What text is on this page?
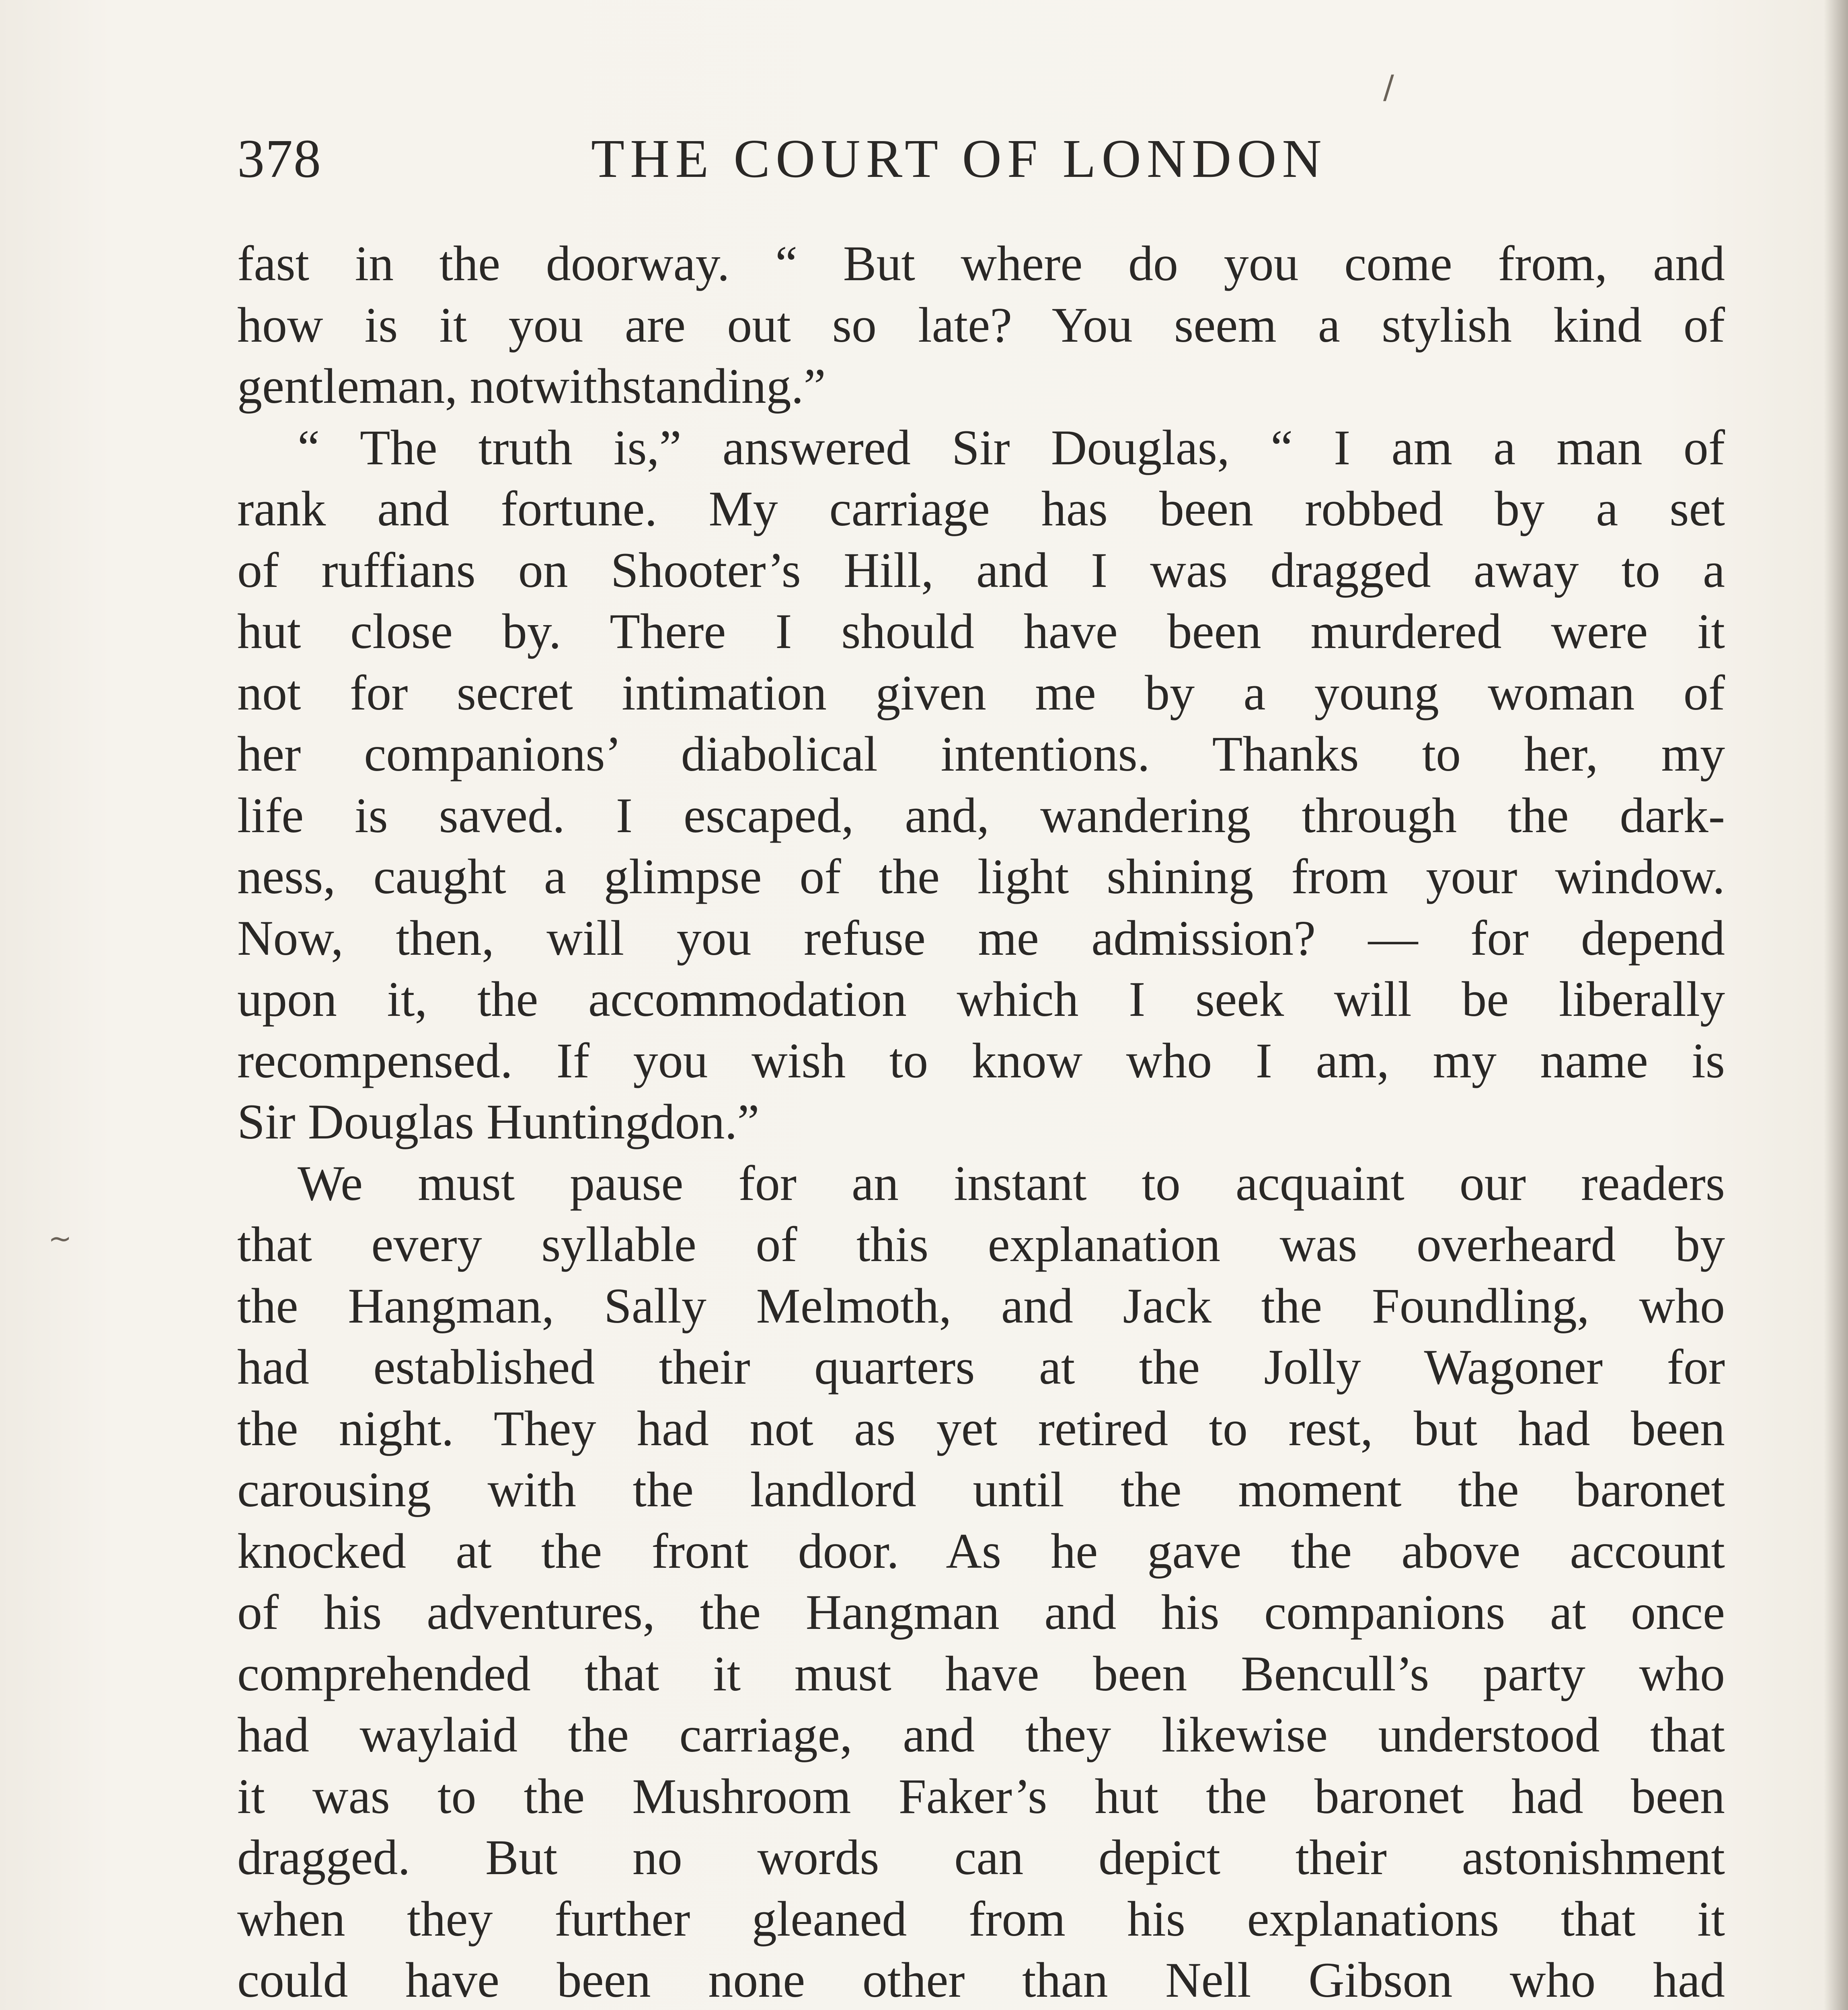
/
~
378	THE COURT OF LONDON
fast in the doorway. “ But where do you come from, and
how is it you are out so late? You seem a stylish kind of
gentleman, notwithstanding.”
“ The truth is,” answered Sir Douglas, “ I am a man of
rank and fortune. My carriage has been robbed by a set
of ruffians on Shooter’s Hill, and I was dragged away to a
hut close by. There I should have been murdered were it
not for secret intimation given me by a young woman of
her companions’ diabolical intentions. Thanks to her, my
life is saved. I escaped, and, wandering through the dark-
ness, caught a glimpse of the light shining from your window.
Now, then, will you refuse me admission? — for depend
upon it, the accommodation which I seek will be liberally
recompensed. If you wish to know who I am, my name is
Sir Douglas Huntingdon.”
We must pause for an instant to acquaint our readers
that every syllable of this explanation was overheard by
the Hangman, Sally Melmoth, and Jack the Foundling, who
had established their quarters at the Jolly Wagoner for
the night. They had not as yet retired to rest, but had been
carousing with the landlord until the moment the baronet
knocked at the front door. As he gave the above account
of his adventures, the Hangman and his companions at once
comprehended that it must have been Bencull’s party who
had waylaid the carriage, and they likewise understood that
it was to the Mushroom Faker’s hut the baronet had been
dragged. But no words can depict their astonishment
when they further gleaned from his explanations that it
could have been none other than Nell Gibson who had
